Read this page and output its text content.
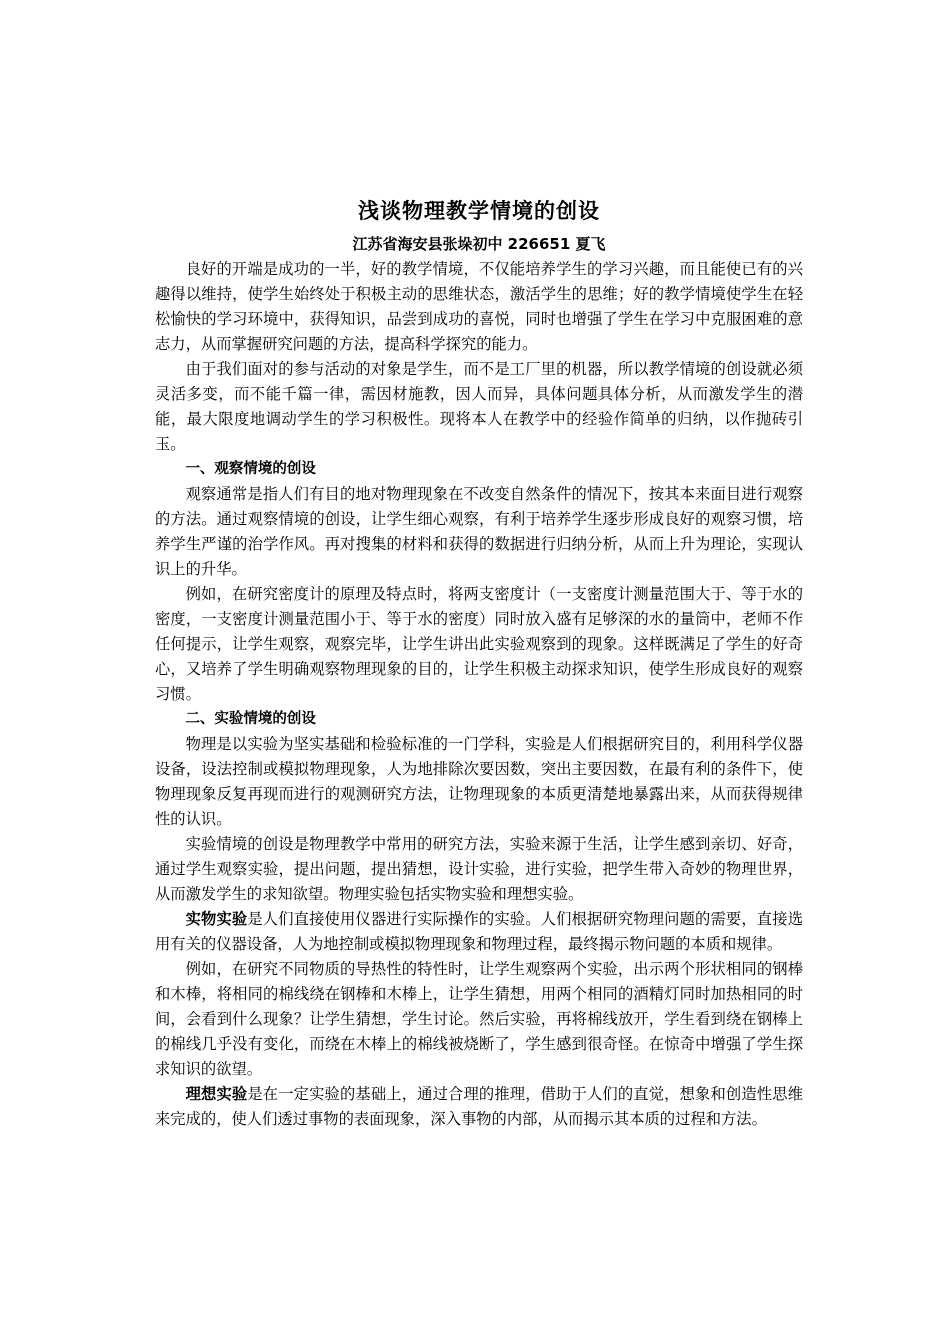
浅谈物理教学情境的创设

江苏省海安县张垛初中 226651 夏飞

良好的开端是成功的一半，好的教学情境，不仅能培养学生的学习兴趣，而且能使已有的兴趣得以维持，使学生始终处于积极主动的思维状态，激活学生的思维；好的教学情境使学生在轻松愉快的学习环境中，获得知识，品尝到成功的喜悦，同时也增强了学生在学习中克服困难的意志力，从而掌握研究问题的方法，提高科学探究的能力。

由于我们面对的参与活动的对象是学生，而不是工厂里的机器，所以教学情境的创设就必须灵活多变，而不能千篇一律，需因材施教，因人而异，具体问题具体分析，从而激发学生的潜能，最大限度地调动学生的学习积极性。现将本人在教学中的经验作简单的归纳，以作抛砖引玉。

一、观察情境的创设

观察通常是指人们有目的地对物理现象在不改变自然条件的情况下，按其本来面目进行观察的方法。通过观察情境的创设，让学生细心观察，有利于培养学生逐步形成良好的观察习惯，培养学生严谨的治学作风。再对搜集的材料和获得的数据进行归纳分析，从而上升为理论，实现认识上的升华。

例如，在研究密度计的原理及特点时，将两支密度计（一支密度计测量范围大于、等于水的密度，一支密度计测量范围小于、等于水的密度）同时放入盛有足够深的水的量筒中，老师不作任何提示，让学生观察，观察完毕，让学生讲出此实验观察到的现象。这样既满足了学生的好奇心，又培养了学生明确观察物理现象的目的，让学生积极主动探求知识，使学生形成良好的观察习惯。

二、实验情境的创设

物理是以实验为坚实基础和检验标准的一门学科，实验是人们根据研究目的，利用科学仪器设备，设法控制或模拟物理现象，人为地排除次要因数，突出主要因数，在最有利的条件下，使物理现象反复再现而进行的观测研究方法，让物理现象的本质更清楚地暴露出来，从而获得规律性的认识。

实验情境的创设是物理教学中常用的研究方法，实验来源于生活，让学生感到亲切、好奇，通过学生观察实验，提出问题，提出猜想，设计实验，进行实验，把学生带入奇妙的物理世界，从而激发学生的求知欲望。物理实验包括实物实验和理想实验。

实物实验是人们直接使用仪器进行实际操作的实验。人们根据研究物理问题的需要，直接选用有关的仪器设备，人为地控制或模拟物理现象和物理过程，最终揭示物问题的本质和规律。

例如，在研究不同物质的导热性的特性时，让学生观察两个实验，出示两个形状相同的钢棒和木棒，将相同的棉线绕在钢棒和木棒上，让学生猜想，用两个相同的酒精灯同时加热相同的时间，会看到什么现象？让学生猜想，学生讨论。然后实验，再将棉线放开，学生看到绕在钢棒上的棉线几乎没有变化，而绕在木棒上的棉线被烧断了，学生感到很奇怪。在惊奇中增强了学生探求知识的欲望。

理想实验是在一定实验的基础上，通过合理的推理，借助于人们的直觉，想象和创造性思维来完成的，使人们透过事物的表面现象，深入事物的内部，从而揭示其本质的过程和方法。
